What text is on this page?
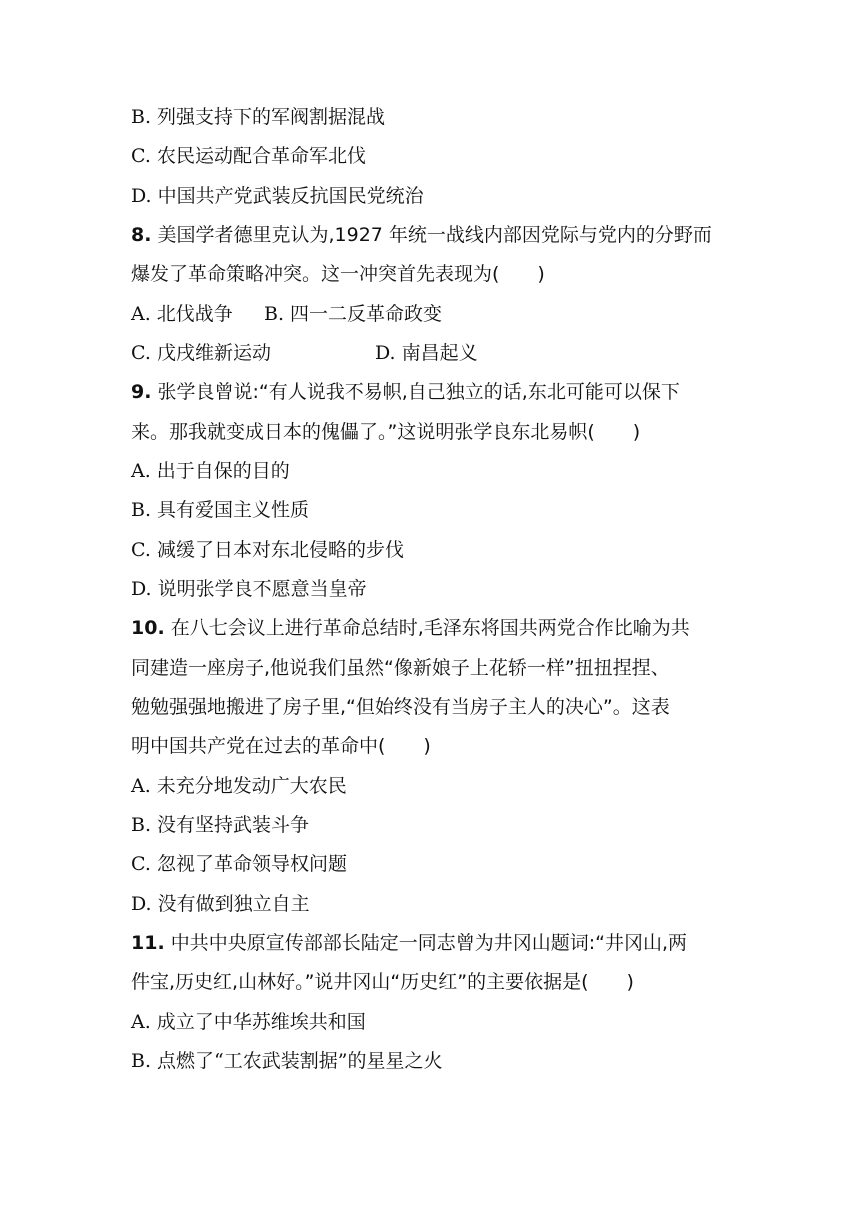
B. 列强支持下的军阀割据混战
C. 农民运动配合革命军北伐
D. 中国共产党武装反抗国民党统治
8. 美国学者德里克认为,1927 年统一战线内部因党际与党内的分野而
爆发了革命策略冲突。这一冲突首先表现为(　　)
A. 北伐战争 B. 四一二反革命政变
C. 戊戌维新运动	D. 南昌起义
9. 张学良曾说:“有人说我不易帜,自己独立的话,东北可能可以保下
来。那我就变成日本的傀儡了。”这说明张学良东北易帜(　　)
A. 出于自保的目的
B. 具有爱国主义性质
C. 减缓了日本对东北侵略的步伐
D. 说明张学良不愿意当皇帝
10. 在八七会议上进行革命总结时,毛泽东将国共两党合作比喻为共
同建造一座房子,他说我们虽然“像新娘子上花轿一样”扭扭捏捏、
勉勉强强地搬进了房子里,“但始终没有当房子主人的决心”。这表
明中国共产党在过去的革命中(　　)
A. 未充分地发动广大农民
B. 没有坚持武装斗争
C. 忽视了革命领导权问题
D. 没有做到独立自主
11. 中共中央原宣传部部长陆定一同志曾为井冈山题词:“井冈山,两
件宝,历史红,山林好。”说井冈山“历史红”的主要依据是(　　)
A. 成立了中华苏维埃共和国
B. 点燃了“工农武装割据”的星星之火
